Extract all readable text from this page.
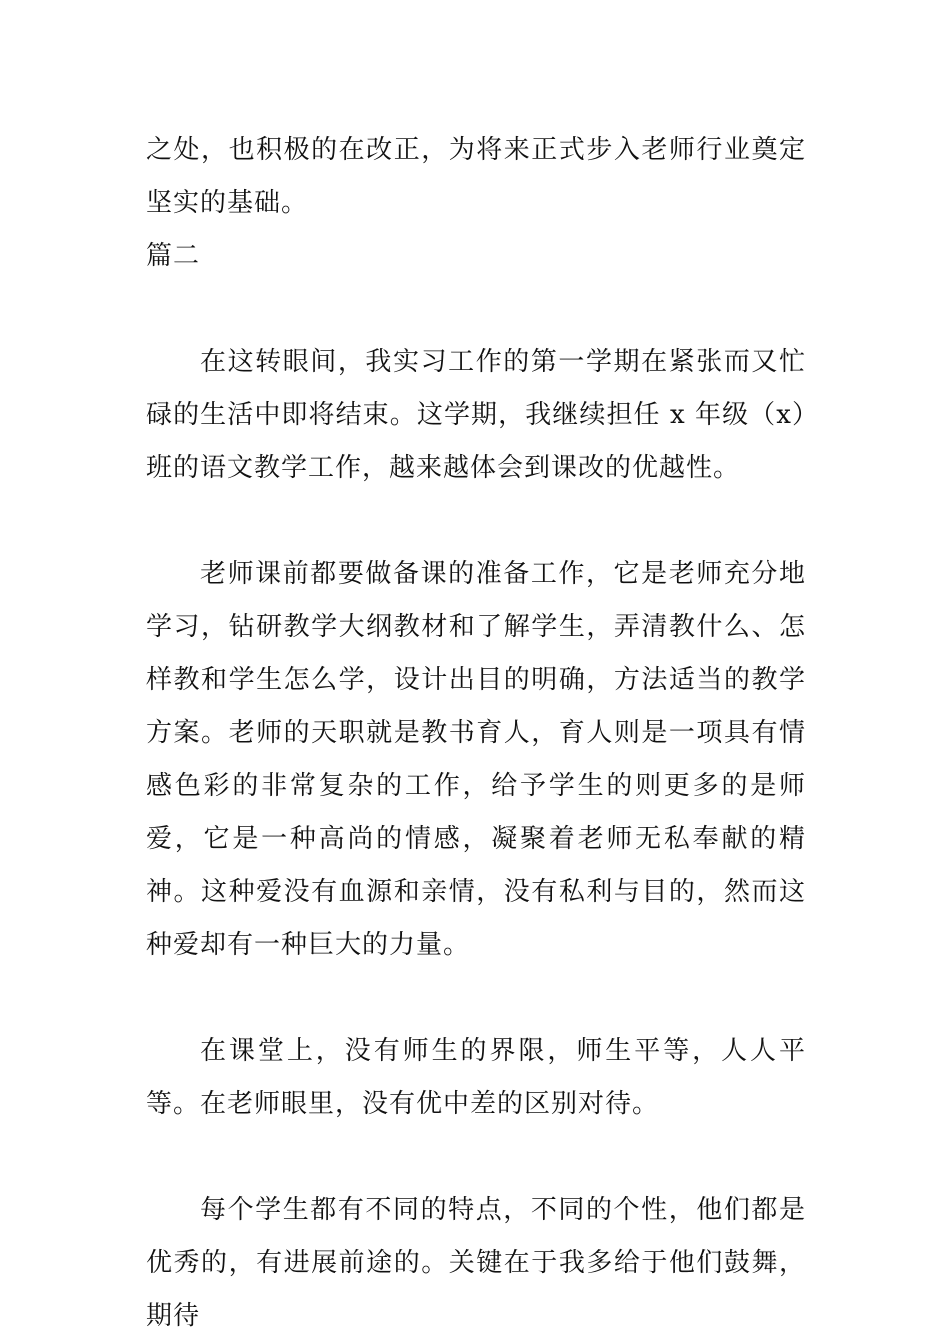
之处，也积极的在改正，为将来正式步入老师行业奠定坚实的基础。

篇二

在这转眼间，我实习工作的第一学期在紧张而又忙碌的生活中即将结束。这学期，我继续担任 x 年级（x）班的语文教学工作，越来越体会到课改的优越性。

老师课前都要做备课的准备工作，它是老师充分地学习，钻研教学大纲教材和了解学生，弄清教什么、怎样教和学生怎么学，设计出目的明确，方法适当的教学方案。老师的天职就是教书育人，育人则是一项具有情感色彩的非常复杂的工作，给予学生的则更多的是师爱，它是一种高尚的情感，凝聚着老师无私奉献的精神。这种爱没有血源和亲情，没有私利与目的，然而这种爱却有一种巨大的力量。

在课堂上，没有师生的界限，师生平等，人人平等。在老师眼里，没有优中差的区别对待。

每个学生都有不同的特点，不同的个性，他们都是优秀的，有进展前途的。关键在于我多给于他们鼓舞，期待
